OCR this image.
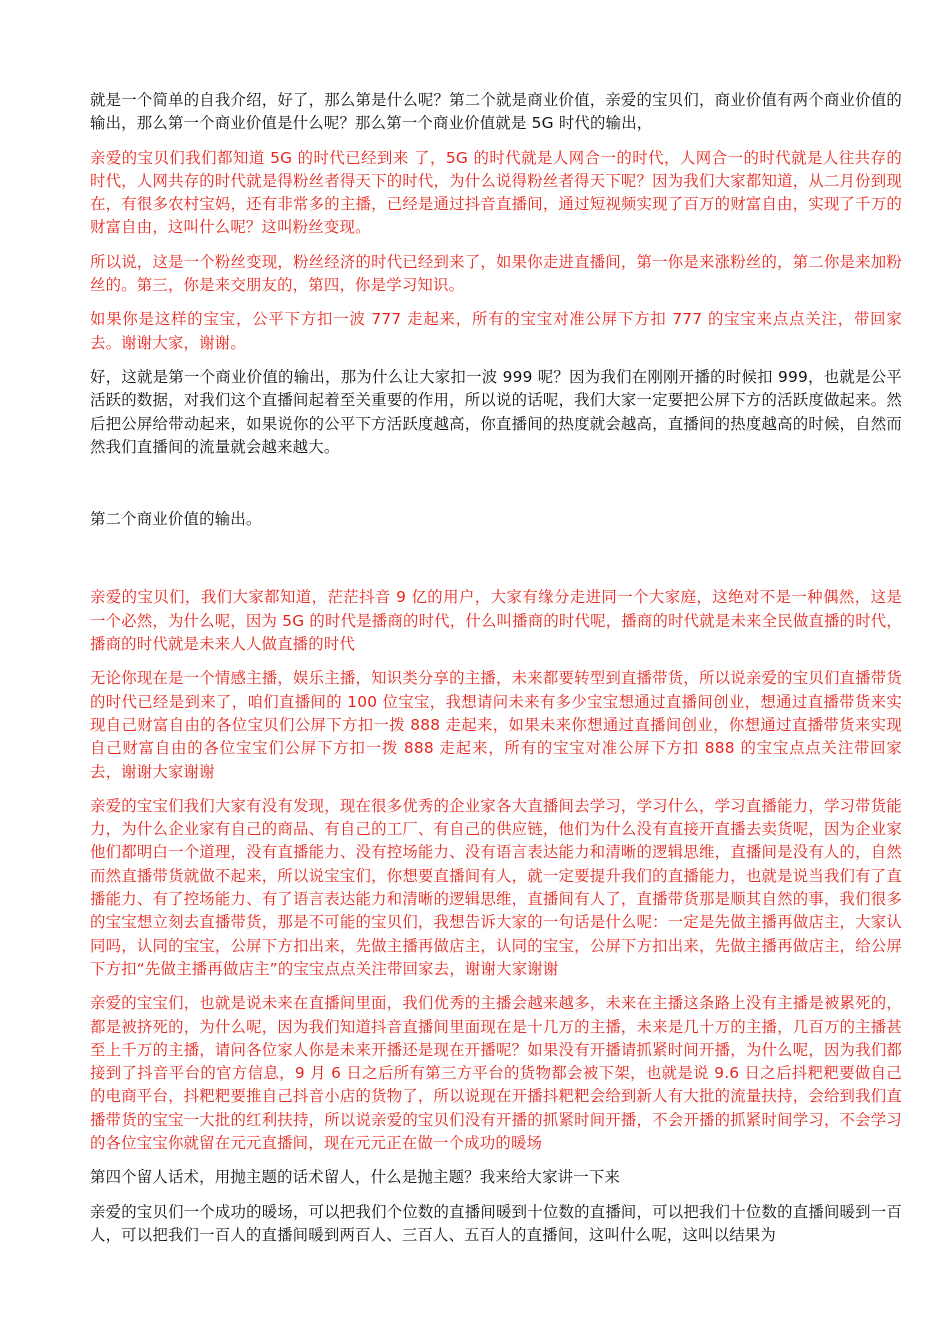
就是一个简单的自我介绍，好了，那么第是什么呢？第二个就是商业价值，亲爱的宝贝们，商业价值有两个商业价值的输出，那么第一个商业价值是什么呢？那么第一个商业价值就是 5G 时代的输出，

亲爱的宝贝们我们都知道 5G 的时代已经到来 了，5G 的时代就是人网合一的时代，人网合一的时代就是人往共存的时代，人网共存的时代就是得粉丝者得天下的时代，为什么说得粉丝者得天下呢？因为我们大家都知道，从二月份到现在，有很多农村宝妈，还有非常多的主播，已经是通过抖音直播间，通过短视频实现了百万的财富自由，实现了千万的财富自由，这叫什么呢？这叫粉丝变现。

所以说，这是一个粉丝变现，粉丝经济的时代已经到来了，如果你走进直播间，第一你是来涨粉丝的，第二你是来加粉丝的。第三，你是来交朋友的，第四，你是学习知识。

如果你是这样的宝宝，公平下方扣一波 777 走起来，所有的宝宝对准公屏下方扣 777 的宝宝来点点关注，带回家去。谢谢大家，谢谢。

好，这就是第一个商业价值的输出，那为什么让大家扣一波 999 呢？因为我们在刚刚开播的时候扣 999，也就是公平活跃的数据，对我们这个直播间起着至关重要的作用，所以说的话呢，我们大家一定要把公屏下方的活跃度做起来。然后把公屏给带动起来，如果说你的公平下方活跃度越高，你直播间的热度就会越高，直播间的热度越高的时候，自然而然我们直播间的流量就会越来越大。

第二个商业价值的输出。

亲爱的宝贝们，我们大家都知道，茫茫抖音 9 亿的用户，大家有缘分走进同一个大家庭，这绝对不是一种偶然，这是一个必然，为什么呢，因为 5G 的时代是播商的时代，什么叫播商的时代呢，播商的时代就是未来全民做直播的时代，播商的时代就是未来人人做直播的时代

无论你现在是一个情感主播，娱乐主播，知识类分享的主播，未来都要转型到直播带货，所以说亲爱的宝贝们直播带货的时代已经是到来了，咱们直播间的 100 位宝宝，我想请问未来有多少宝宝想通过直播间创业，想通过直播带货来实现自己财富自由的各位宝贝们公屏下方扣一拨 888 走起来，如果未来你想通过直播间创业，你想通过直播带货来实现自己财富自由的各位宝宝们公屏下方扣一拨 888 走起来，所有的宝宝对准公屏下方扣 888 的宝宝点点关注带回家去，谢谢大家谢谢

亲爱的宝宝们我们大家有没有发现，现在很多优秀的企业家各大直播间去学习，学习什么，学习直播能力，学习带货能力，为什么企业家有自己的商品、有自己的工厂、有自己的供应链，他们为什么没有直接开直播去卖货呢，因为企业家他们都明白一个道理，没有直播能力、没有控场能力、没有语言表达能力和清晰的逻辑思维，直播间是没有人的，自然而然直播带货就做不起来，所以说宝宝们，你想要直播间有人，就一定要提升我们的直播能力，也就是说当我们有了直播能力、有了控场能力、有了语言表达能力和清晰的逻辑思维，直播间有人了，直播带货那是顺其自然的事，我们很多的宝宝想立刻去直播带货，那是不可能的宝贝们，我想告诉大家的一句话是什么呢：一定是先做主播再做店主，大家认同吗，认同的宝宝，公屏下方扣出来，先做主播再做店主，认同的宝宝，公屏下方扣出来，先做主播再做店主，给公屏下方扣“先做主播再做店主”的宝宝点点关注带回家去，谢谢大家谢谢

亲爱的宝宝们，也就是说未来在直播间里面，我们优秀的主播会越来越多，未来在主播这条路上没有主播是被累死的，都是被挤死的，为什么呢，因为我们知道抖音直播间里面现在是十几万的主播，未来是几十万的主播，几百万的主播甚至上千万的主播，请问各位家人你是未来开播还是现在开播呢？如果没有开播请抓紧时间开播，为什么呢，因为我们都接到了抖音平台的官方信息，9 月 6 日之后所有第三方平台的货物都会被下架，也就是说 9.6 日之后抖粑粑要做自己的电商平台，抖粑粑要推自己抖音小店的货物了，所以说现在开播抖粑粑会给到新人有大批的流量扶持，会给到我们直播带货的宝宝一大批的红利扶持，所以说亲爱的宝贝们没有开播的抓紧时间开播，不会开播的抓紧时间学习，不会学习的各位宝宝你就留在元元直播间，现在元元正在做一个成功的暖场

第四个留人话术，用抛主题的话术留人，什么是抛主题？我来给大家讲一下来

亲爱的宝贝们一个成功的暖场，可以把我们个位数的直播间暖到十位数的直播间，可以把我们十位数的直播间暖到一百人，可以把我们一百人的直播间暖到两百人、三百人、五百人的直播间，这叫什么呢，这叫以结果为
